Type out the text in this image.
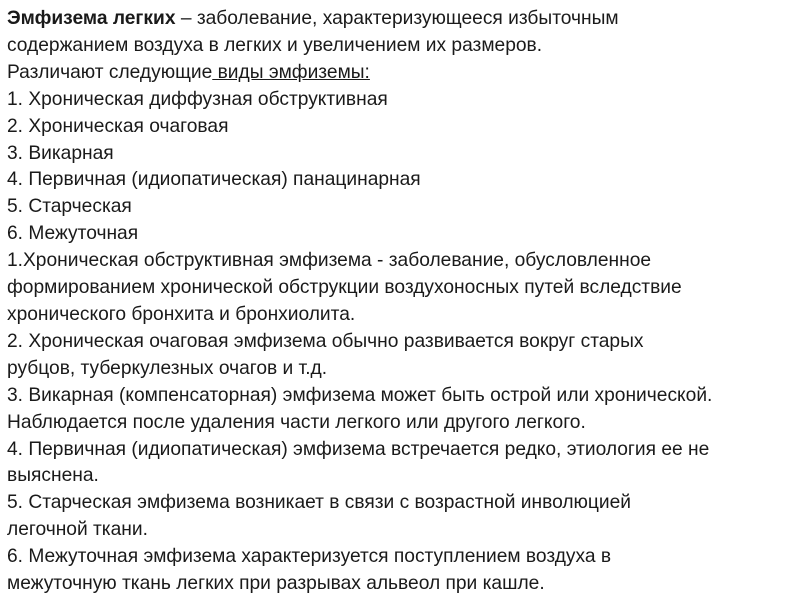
Эмфизема легких – заболевание, характеризующееся избыточным
содержанием воздуха в легких и увеличением их размеров.
Различают следующие виды эмфиземы:
1. Хроническая диффузная обструктивная
2. Хроническая очаговая
3. Викарная
4. Первичная (идиопатическая) панацинарная
5. Старческая
6. Межуточная
1.Хроническая обструктивная эмфизема - заболевание, обусловленное
формированием хронической обструкции воздухоносных путей вследствие
хронического бронхита и бронхиолита.
2. Хроническая очаговая эмфизема обычно развивается вокруг старых
рубцов, туберкулезных очагов и т.д.
3. Викарная (компенсаторная) эмфизема может быть острой или хронической.
Наблюдается после удаления части легкого или другого легкого.
4. Первичная (идиопатическая) эмфизема встречается редко, этиология ее не
выяснена.
5. Старческая эмфизема возникает в связи с возрастной инволюцией
легочной ткани.
6. Межуточная эмфизема характеризуется поступлением воздуха в
межуточную ткань легких при разрывах альвеол при кашле.
